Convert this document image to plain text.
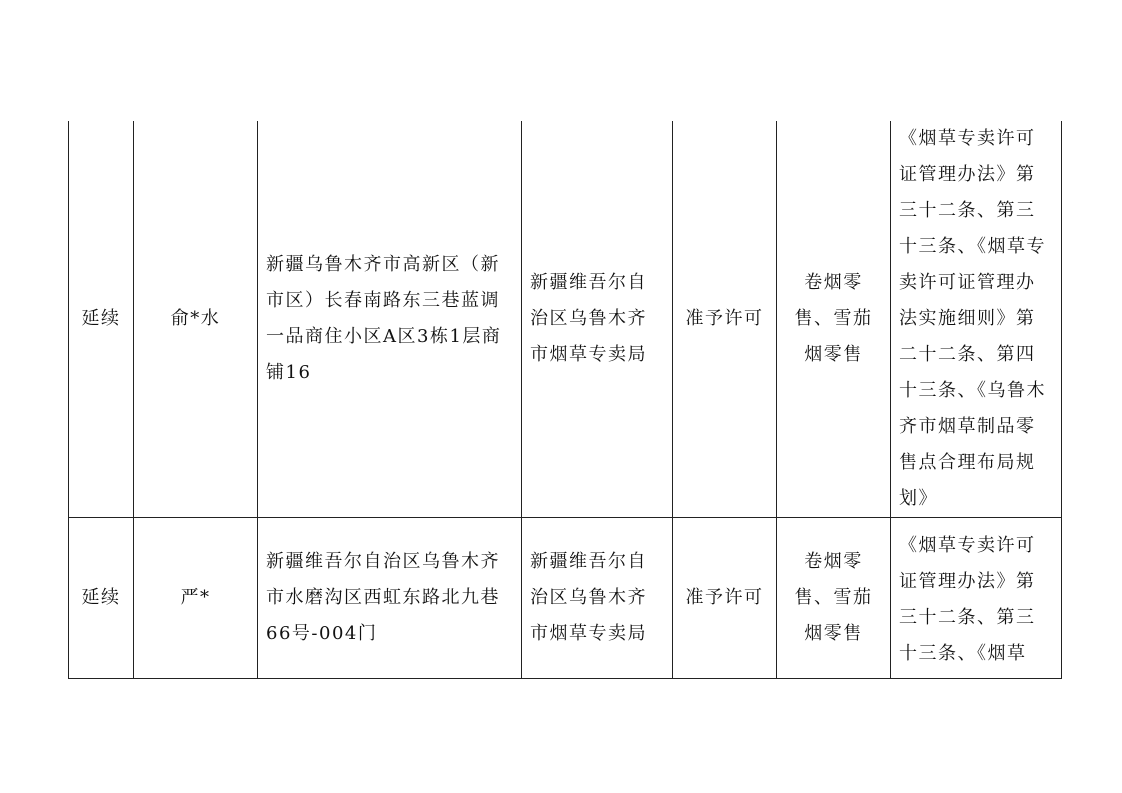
延续	俞*水	新疆乌鲁木齐市高新区（新市区）长春南路东三巷蓝调一品商住小区A区3栋1层商铺16	新疆维吾尔自治区乌鲁木齐市烟草专卖局	准予许可	卷烟零售、雪茄烟零售	《烟草专卖许可证管理办法》第三十二条、第三十三条、《烟草专卖许可证管理办法实施细则》第二十二条、第四十三条、《乌鲁木齐市烟草制品零售点合理布局规划》
延续	严*	新疆维吾尔自治区乌鲁木齐市水磨沟区西虹东路北九巷66号-004门	新疆维吾尔自治区乌鲁木齐市烟草专卖局	准予许可	卷烟零售、雪茄烟零售	《烟草专卖许可证管理办法》第三十二条、第三十三条、《烟草
